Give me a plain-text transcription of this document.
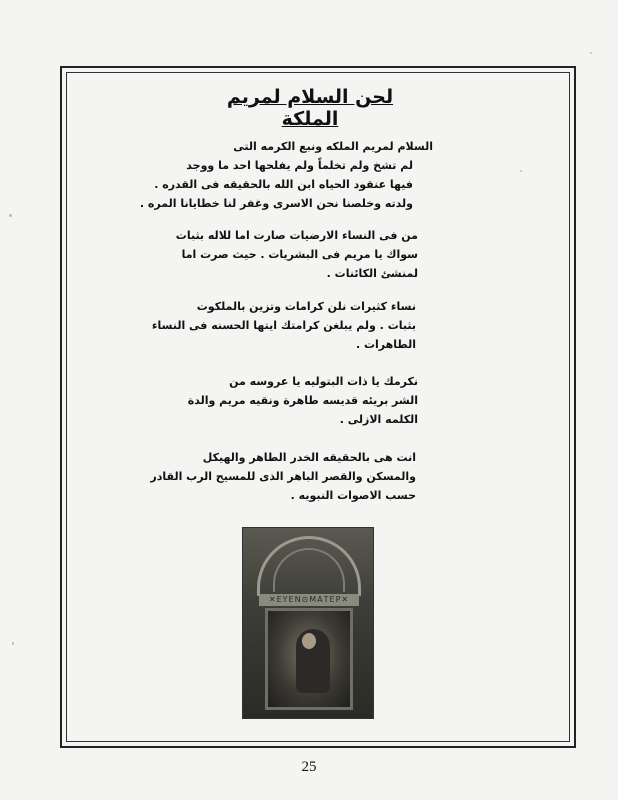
لحن السلام لمريم الملكة
السلام لمريم الملكه ونبع الكرمه التى
لم تشخ ولم تخلماً ولم يفلحها احد ما ووجد
فيها عنقود الحياه ابن الله بالحقيقه فى القدره .
ولدته وخلصنا نحن الاسرى وغفر لنا خطايانا المره .
من فى النساء الارضيات صارت اما للاله بثبات
سواك يا مريم فى البشريات . حيث صرت اما
لمنشئ الكائنات .
نساء كثيرات نلن كرامات وتزين بالملكوت
بثبات . ولم يبلغن كرامتك ايتها الحسنه فى النساء
الطاهرات .
نكرمك يا ذات البتوليه يا عروسه من
الشر بريئه قديسه طاهرة ونقيه مريم والدة
الكلمه الازلى .
انت هى بالحقيقه الخدر الطاهر والهيكل
والمسكن والقصر الباهر الذى للمسيح الرب القادر
حسب الاصوات النبويه .
✕ΕΥΕΝ⊙ΜΑΤΕΡ✕

25
